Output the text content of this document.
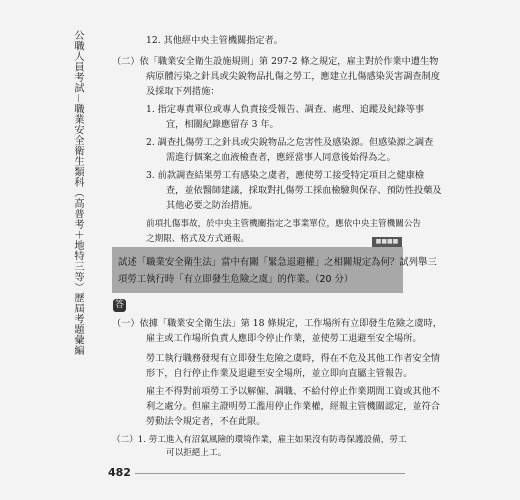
公職人員考試－職業安全衛生類科（高普考＋地特三等）歷屆考題彙編	12. 其他經中央主管機關指定者。
（二）依「職業安全衛生設施規則」第 297-2 條之規定，雇主對於作業中遭生物
病原體污染之針具或尖銳物品扎傷之勞工，應建立扎傷感染災害調查制度
及採取下列措施：
1. 指定專責單位或專人負責接受報告、調查、處理、追蹤及紀錄等事
宜，相關紀錄應留存 3 年。
2. 調查扎傷勞工之針具或尖銳物品之危害性及感染源。但感染源之調查
需進行個案之血液檢查者，應經當事人同意後始得為之。
3. 前款調查結果勞工有感染之虞者，應使勞工接受特定項目之健康檢
查，並依醫師建議，採取對扎傷勞工採血檢驗與保存、預防性投藥及
其他必要之防治措施。
前項扎傷事故，於中央主管機關指定之事業單位，應依中央主管機關公告
之期限、格式及方式通報。
試述「職業安全衛生法」當中有關「緊急退避權」之相關規定為何？試列舉三
項勞工執行時「有立即發生危險之虞」的作業。（20 分）
■■■■
答
（一）依據「職業安全衛生法」第 18 條規定，工作場所有立即發生危險之虞時，
雇主或工作場所負責人應即令停止作業，並使勞工退避至安全場所。
勞工執行職務發現有立即發生危險之虞時，得在不危及其他工作者安全情
形下，自行停止作業及退避至安全場所，並立即向直屬主管報告。
雇主不得對前項勞工予以解僱、調職、不給付停止作業期間工資或其他不
利之處分。但雇主證明勞工濫用停止作業權，經報主管機關認定，並符合
勞動法令規定者，不在此限。
（二）1. 勞工進入有沼氣風險的環境作業，雇主如果沒有防毒保護設備，勞工
可以拒絕上工。
482
